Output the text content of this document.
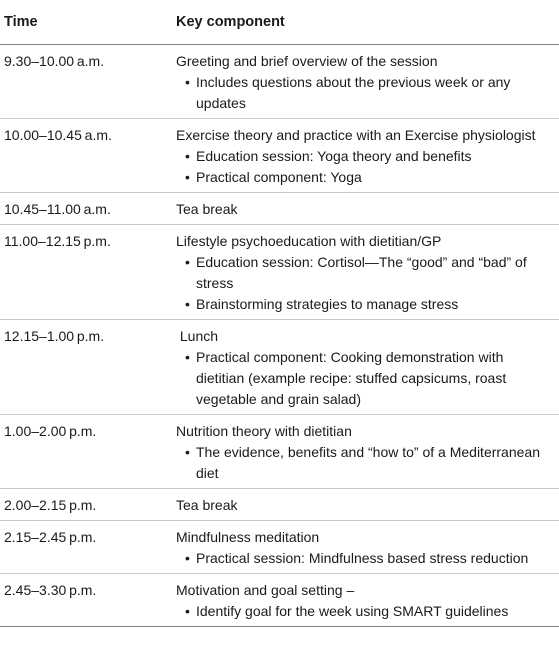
Time	Key component
9.30–10.00 a.m.	Greeting and brief overview of the session
• Includes questions about the previous week or any updates

10.00–10.45 a.m.	Exercise theory and practice with an Exercise physiologist
• Education session: Yoga theory and benefits
• Practical component: Yoga

10.45–11.00 a.m.	Tea break

11.00–12.15 p.m.	Lifestyle psychoeducation with dietitian/GP
• Education session: Cortisol—The “good” and “bad” of stress
• Brainstorming strategies to manage stress

12.15–1.00 p.m.	Lunch
• Practical component: Cooking demonstration with dietitian (example recipe: stuffed capsicums, roast vegetable and grain salad)

1.00–2.00 p.m.	Nutrition theory with dietitian
• The evidence, benefits and “how to” of a Mediterranean diet

2.00–2.15 p.m.	Tea break

2.15–2.45 p.m.	Mindfulness meditation
• Practical session: Mindfulness based stress reduction

2.45–3.30 p.m.	Motivation and goal setting –
• Identify goal for the week using SMART guidelines
